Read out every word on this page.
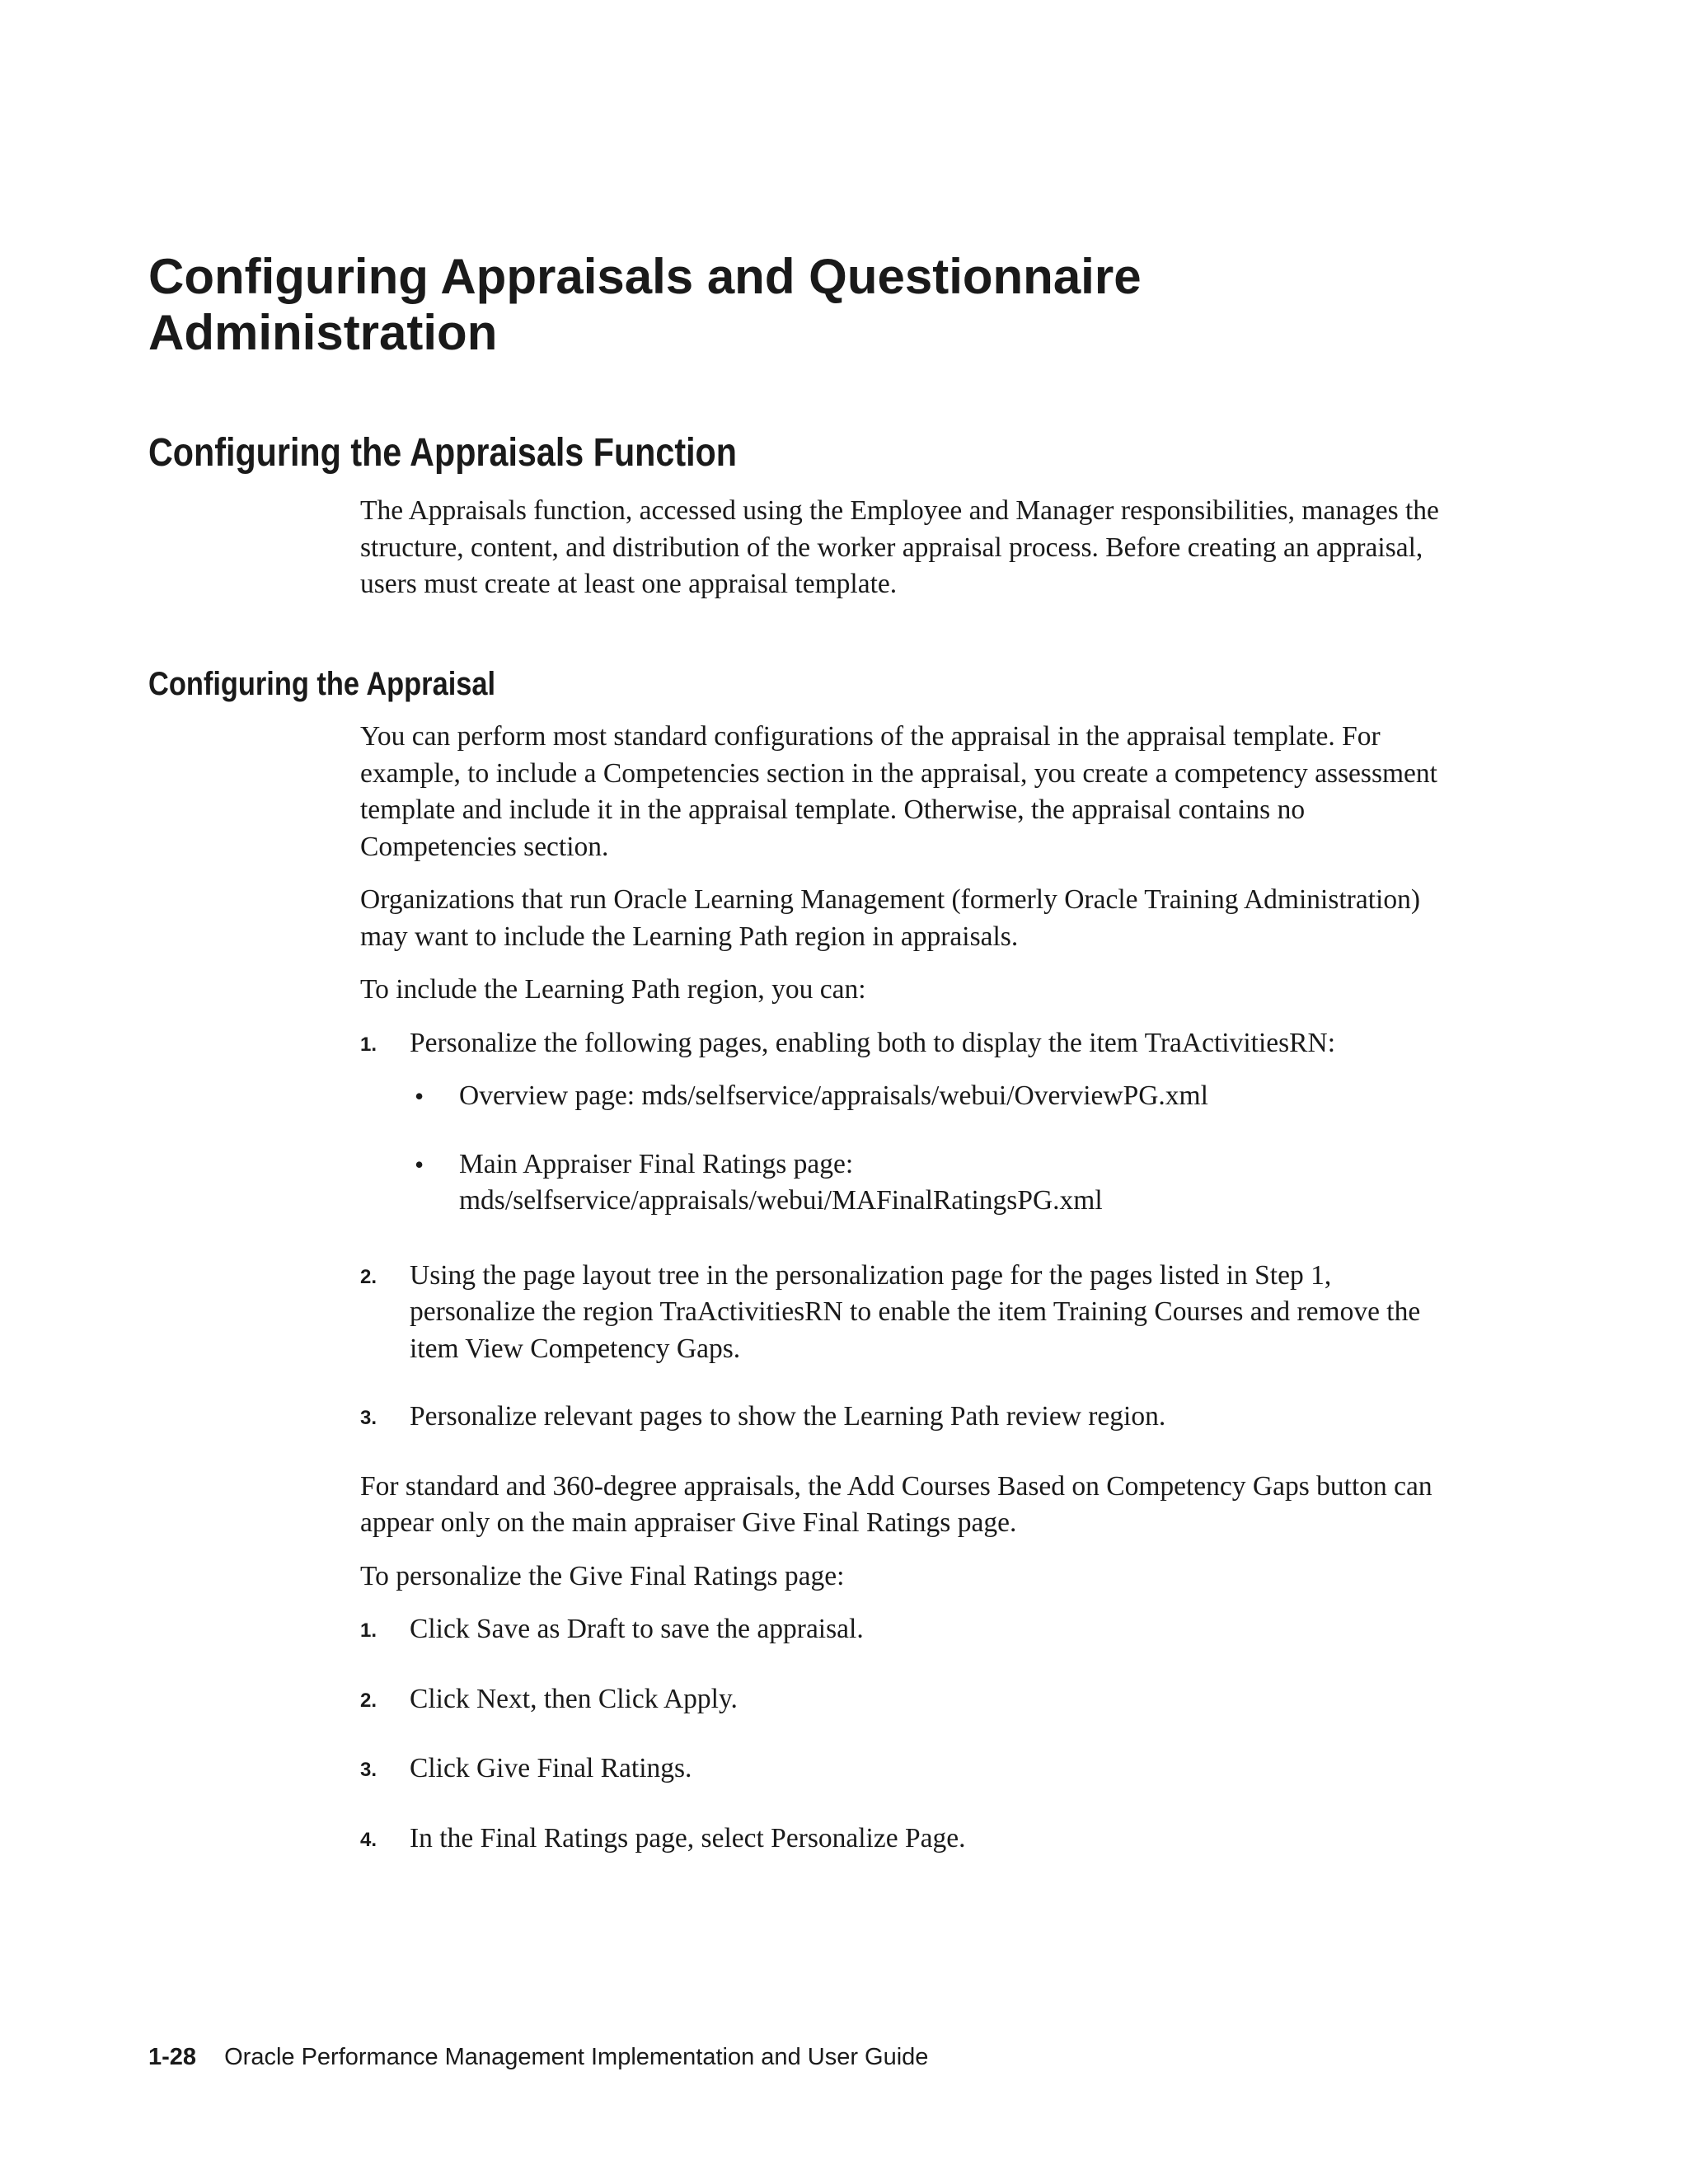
Configuring Appraisals and Questionnaire Administration
Configuring the Appraisals Function

The Appraisals function, accessed using the Employee and Manager responsibilities, manages the structure, content, and distribution of the worker appraisal process. Before creating an appraisal, users must create at least one appraisal template.

Configuring the Appraisal

You can perform most standard configurations of the appraisal in the appraisal template. For example, to include a Competencies section in the appraisal, you create a competency assessment template and include it in the appraisal template. Otherwise, the appraisal contains no Competencies section.

Organizations that run Oracle Learning Management (formerly Oracle Training Administration) may want to include the Learning Path region in appraisals.

To include the Learning Path region, you can:

1. Personalize the following pages, enabling both to display the item TraActivitiesRN:
• Overview page: mds/selfservice/appraisals/webui/OverviewPG.xml
• Main Appraiser Final Ratings page:
mds/selfservice/appraisals/webui/MAFinalRatingsPG.xml
2. Using the page layout tree in the personalization page for the pages listed in Step 1, personalize the region TraActivitiesRN to enable the item Training Courses and remove the item View Competency Gaps.
3. Personalize relevant pages to show the Learning Path review region.

For standard and 360-degree appraisals, the Add Courses Based on Competency Gaps button can appear only on the main appraiser Give Final Ratings page.

To personalize the Give Final Ratings page:

1. Click Save as Draft to save the appraisal.
2. Click Next, then Click Apply.
3. Click Give Final Ratings.
4. In the Final Ratings page, select Personalize Page.
1-28 Oracle Performance Management Implementation and User Guide
